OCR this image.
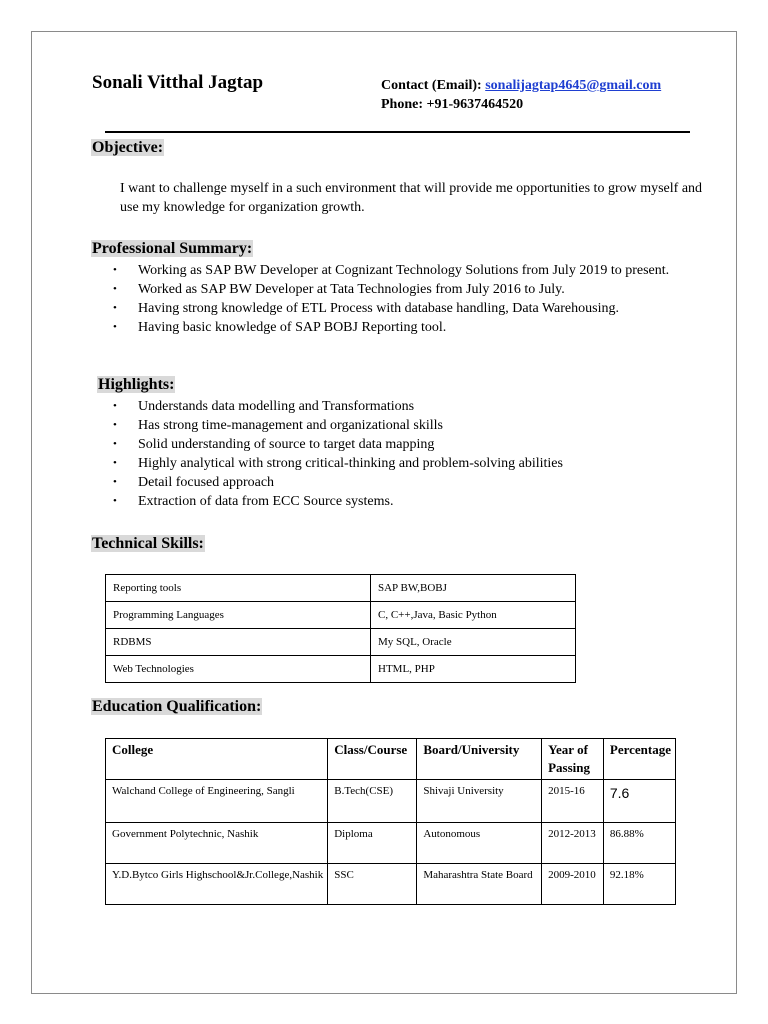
Sonali Vitthal Jagtap	Contact (Email): sonalijagtap4645@gmail.com
Phone: +91-9637464520
Objective:
I want to challenge myself in a such environment that will provide me opportunities to grow myself and use my knowledge for organization growth.
Professional Summary:
• Working as SAP BW Developer at Cognizant Technology Solutions from July 2019 to present.
• Worked as SAP BW Developer at Tata Technologies from July 2016 to July.
• Having strong knowledge of ETL Process with database handling, Data Warehousing.
• Having basic knowledge of SAP BOBJ Reporting tool.
Highlights:
• Understands data modelling and Transformations
• Has strong time-management and organizational skills
• Solid understanding of source to target data mapping
• Highly analytical with strong critical-thinking and problem-solving abilities
• Detail focused approach
• Extraction of data from ECC Source systems.
Technical Skills:
Reporting tools	SAP BW,BOBJ
Programming Languages	C, C++,Java, Basic Python
RDBMS	My SQL, Oracle
Web Technologies	HTML, PHP
Education Qualification:
College	Class/Course	Board/University	Year of Passing	Percentage
Walchand College of Engineering, Sangli	B.Tech(CSE)	Shivaji University	2015-16	7.6
Government Polytechnic, Nashik	Diploma	Autonomous	2012-2013	86.88%
Y.D.Bytco Girls Highschool&Jr.College,Nashik	SSC	Maharashtra State Board	2009-2010	92.18%
